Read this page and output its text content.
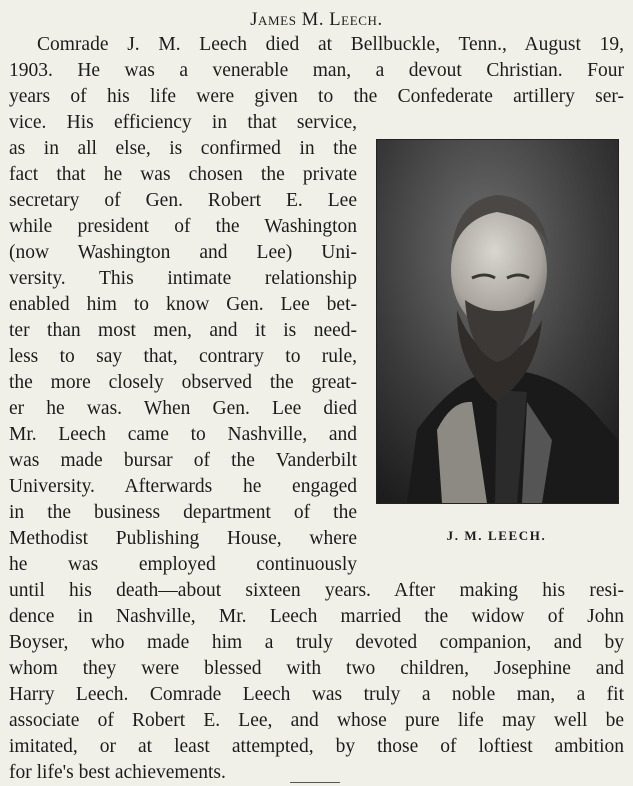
James M. Leech.
Comrade J. M. Leech died at Bellbuckle, Tenn., August 19,
1903. He was a venerable man, a devout Christian. Four
years of his life were given to the Confederate artillery ser-
vice. His efficiency in that service,
as in all else, is confirmed in the
fact that he was chosen the private
secretary of Gen. Robert E. Lee
while president of the Washington
(now Washington and Lee) Uni-
versity. This intimate relationship
enabled him to know Gen. Lee bet-
ter than most men, and it is need-
less to say that, contrary to rule,
the more closely observed the great-
er he was. When Gen. Lee died
Mr. Leech came to Nashville, and
was made bursar of the Vanderbilt
University. Afterwards he engaged
in the business department of the
Methodist Publishing House, where
he was employed continuously
until his death—about sixteen years. After making his resi-
dence in Nashville, Mr. Leech married the widow of John
Boyser, who made him a truly devoted companion, and by
whom they were blessed with two children, Josephine and
Harry Leech. Comrade Leech was truly a noble man, a fit
associate of Robert E. Lee, and whose pure life may well be
imitated, or at least attempted, by those of loftiest ambition
for life's best achievements.
J. M. LEECH.
